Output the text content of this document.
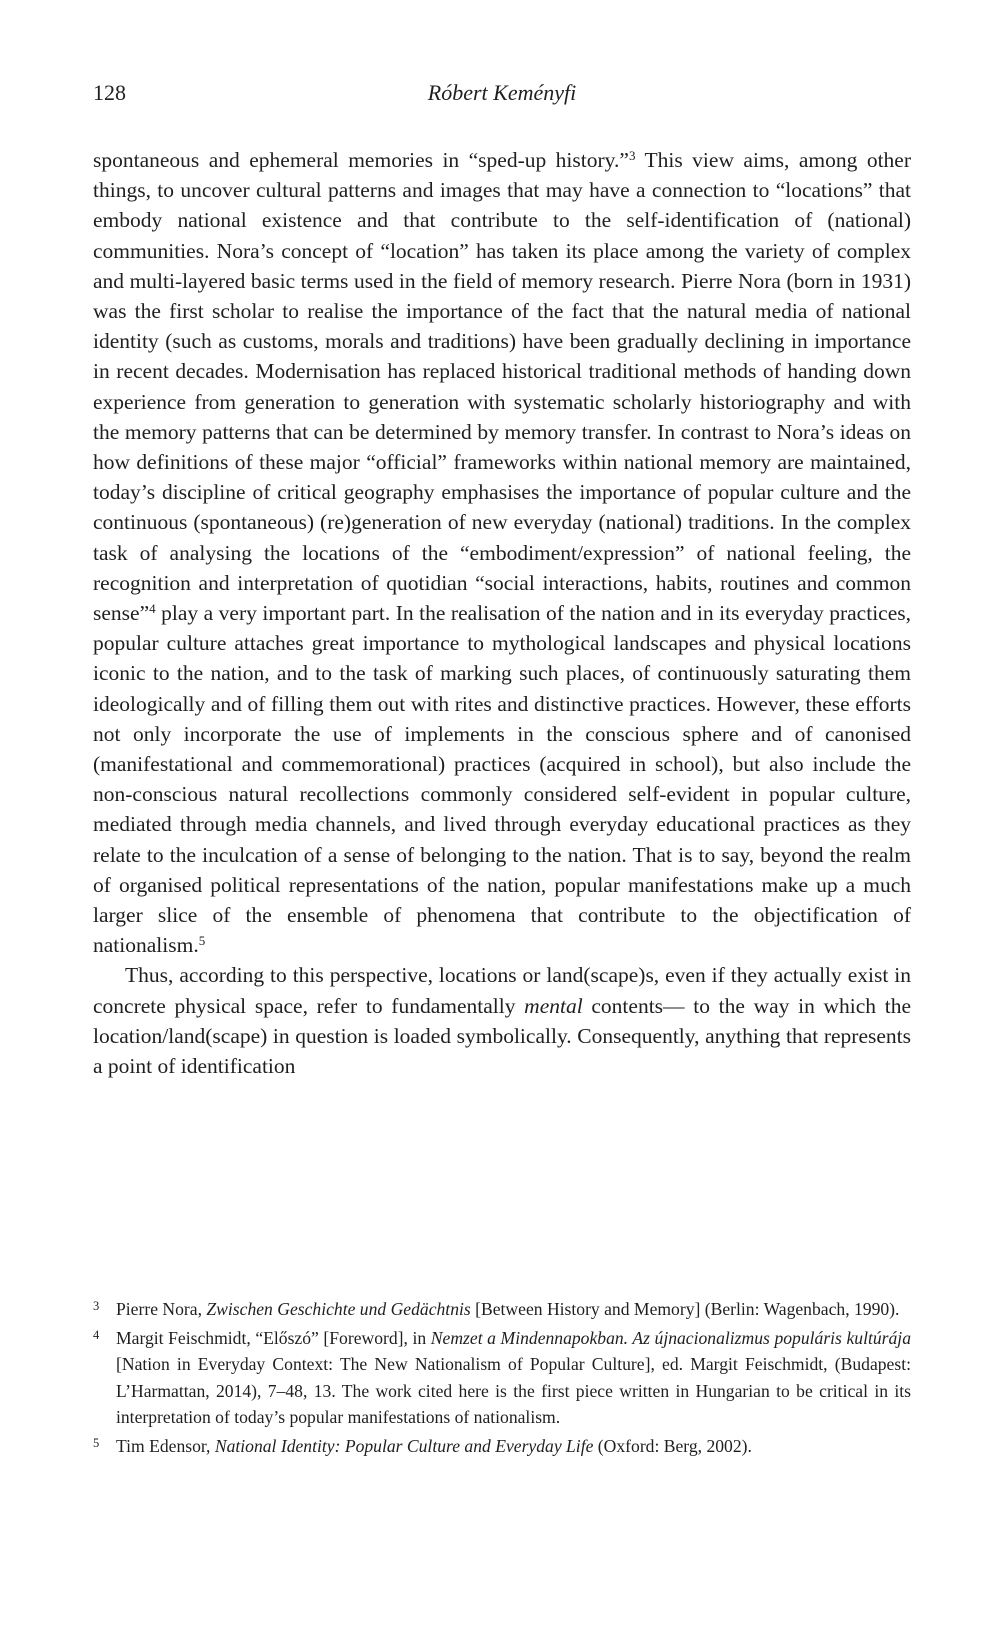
128	Róbert Keményfi

spontaneous and ephemeral memories in “sped-up history.”$^3$ This view aims, among other things, to uncover cultural patterns and images that may have a connection to “locations” that embody national existence and that contribute to the self-identification of (national) communities. Nora’s concept of “location” has taken its place among the variety of complex and multi-layered basic terms used in the field of memory research. Pierre Nora (born in 1931) was the first scholar to realise the importance of the fact that the natural media of national identity (such as customs, morals and traditions) have been gradually declining in importance in recent decades. Modernisation has replaced historical traditional methods of handing down experience from generation to generation with systematic scholarly historiography and with the memory patterns that can be determined by memory transfer. In contrast to Nora’s ideas on how definitions of these major “official” frameworks within national memory are maintained, today’s discipline of critical geography emphasises the importance of popular culture and the continuous (spontaneous) (re)generation of new everyday (national) traditions. In the complex task of analysing the locations of the “embodiment/expression” of national feeling, the recognition and interpretation of quotidian “social interactions, habits, routines and common sense”$^4$ play a very important part. In the realisation of the nation and in its everyday practices, popular culture attaches great importance to mythological landscapes and physical locations iconic to the nation, and to the task of marking such places, of continuously saturating them ideologically and of filling them out with rites and distinctive practices. However, these efforts not only incorporate the use of implements in the conscious sphere and of canonised (manifestational and commemorational) practices (acquired in school), but also include the non-conscious natural recollections commonly considered self-evident in popular culture, mediated through media channels, and lived through everyday educational practices as they relate to the inculcation of a sense of belonging to the nation. That is to say, beyond the realm of organised political representations of the nation, popular manifestations make up a much larger slice of the ensemble of phenomena that contribute to the objectification of nationalism.$^5$

Thus, according to this perspective, locations or land(scape)s, even if they actually exist in concrete physical space, refer to fundamentally mental contents— to the way in which the location/land(scape) in question is loaded symbolically. Consequently, anything that represents a point of identification

3 Pierre Nora, Zwischen Geschichte und Gedächtnis [Between History and Memory] (Berlin: Wagenbach, 1990).

4 Margit Feischmidt, “Előszó” [Foreword], in Nemzet a Mindennapokban. Az újnacionalizmus populáris kultúrája [Nation in Everyday Context: The New Nationalism of Popular Culture], ed. Margit Feischmidt, (Budapest: L’Harmattan, 2014), 7–48, 13. The work cited here is the first piece written in Hungarian to be critical in its interpretation of today’s popular manifestations of nationalism.

5 Tim Edensor, National Identity: Popular Culture and Everyday Life (Oxford: Berg, 2002).
